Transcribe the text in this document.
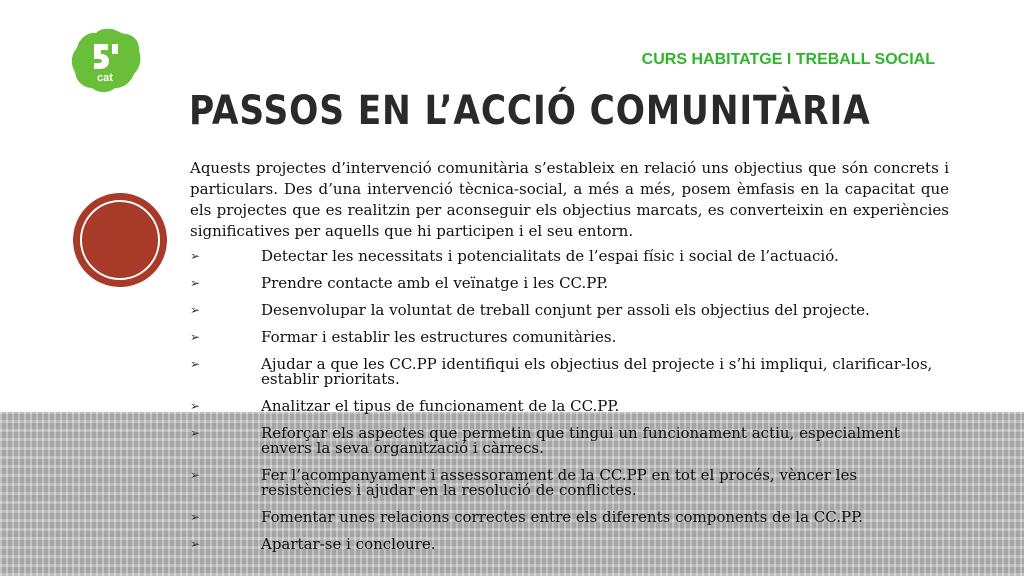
cat
CURS HABITATGE I TREBALL SOCIAL
PASSOS EN L’ACCIÓ COMUNITÀRIA
Aquests projectes d’intervenció comunitària s’estableix en relació uns objectius que són concrets i particulars. Des d’una intervenció tècnica-social, a més a més, posem èmfasis en la capacitat que els projectes que es realitzin per aconseguir els objectius marcats, es converteixin en experiències significatives per aquells que hi participen i el seu entorn.
➢	Detectar les necessitats i potencialitats de l’espai físic i social de l’actuació.
➢	Prendre contacte amb el veïnatge i les CC.PP.
➢	Desenvolupar la voluntat de treball conjunt per assoli els objectius del projecte.
➢	Formar i establir les estructures comunitàries.
➢	Ajudar a que les CC.PP identifiqui els objectius del projecte i s’hi impliqui, clarificar-los, establir prioritats.
➢	Analitzar el tipus de funcionament de la CC.PP.
➢	Reforçar els aspectes que permetin que tingui un funcionament actiu, especialment envers la seva organització i càrrecs.
➢	Fer l’acompanyament i assessorament de la CC.PP en tot el procés, vèncer les resistències i ajudar en la resolució de conflictes.
➢	Fomentar unes relacions correctes entre els diferents components de la CC.PP.
➢	Apartar-se i concloure.
